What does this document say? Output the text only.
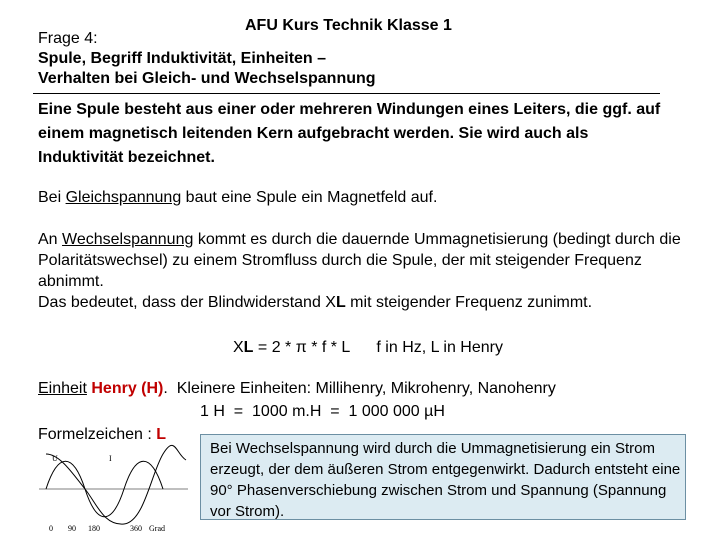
AFU Kurs Technik Klasse 1
Frage 4:
Spule, Begriff Induktivität, Einheiten –
Verhalten bei Gleich- und Wechselspannung
Eine Spule besteht aus einer oder mehreren Windungen eines Leiters, die ggf. auf einem magnetisch leitenden Kern aufgebracht werden. Sie wird auch als Induktivität bezeichnet.
Bei Gleichspannung baut eine Spule ein Magnetfeld auf.
An Wechselspannung kommt es durch die dauernde Ummagnetisierung (bedingt durch die Polaritätswechsel) zu einem Stromfluss durch die Spule, der mit steigender Frequenz abnimmt.
Das bedeutet, dass der Blindwiderstand XL mit steigender Frequenz zunimmt.
XL = 2 * π * f * L f in Hz, L in Henry
Einheit Henry (H).  Kleinere Einheiten: Millihenry, Mikrohenry, Nanohenry
1 H  =  1000 m.H  =  1 000 000 µH
Formelzeichen : L
Bei Wechselspannung wird durch die Ummagnetisierung ein Strom erzeugt, der dem äußeren Strom entgegenwirkt. Dadurch entsteht eine 90° Phasenverschiebung zwischen Strom und Spannung (Spannung vor Strom).
U	I
0 90 180	360 Grad
